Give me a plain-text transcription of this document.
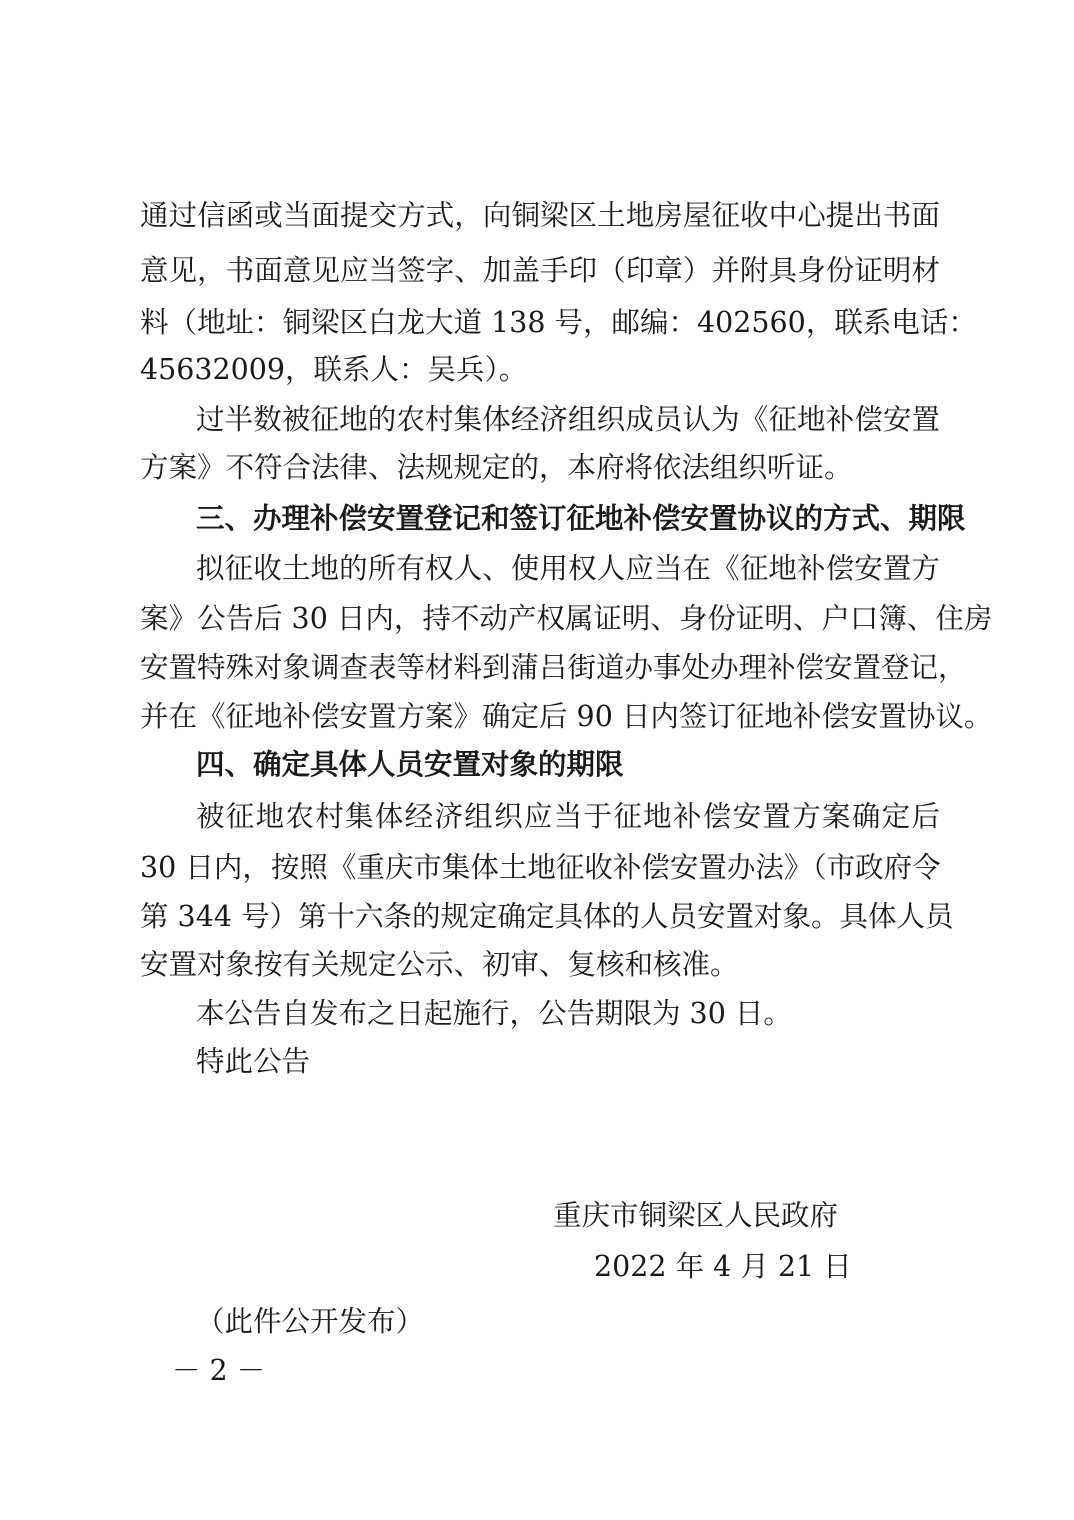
通过信函或当面提交方式，向铜梁区土地房屋征收中心提出书面
意见，书面意见应当签字、加盖手印（印章）并附具身份证明材
料（地址：铜梁区白龙大道 138 号，邮编：402560，联系电话：
45632009，联系人：吴兵）。
过半数被征地的农村集体经济组织成员认为《征地补偿安置
方案》不符合法律、法规规定的，本府将依法组织听证。
三、办理补偿安置登记和签订征地补偿安置协议的方式、期限
拟征收土地的所有权人、使用权人应当在《征地补偿安置方
案》公告后 30 日内，持不动产权属证明、身份证明、户口簿、住房
安置特殊对象调查表等材料到蒲吕街道办事处办理补偿安置登记，
并在《征地补偿安置方案》确定后 90 日内签订征地补偿安置协议。
四、确定具体人员安置对象的期限
被征地农村集体经济组织应当于征地补偿安置方案确定后
30 日内，按照《重庆市集体土地征收补偿安置办法》（市政府令
第 344 号）第十六条的规定确定具体的人员安置对象。具体人员
安置对象按有关规定公示、初审、复核和核准。
本公告自发布之日起施行，公告期限为 30 日。
特此公告
重庆市铜梁区人民政府
2022 年 4 月 21 日
（此件公开发布）
－ 2 －
